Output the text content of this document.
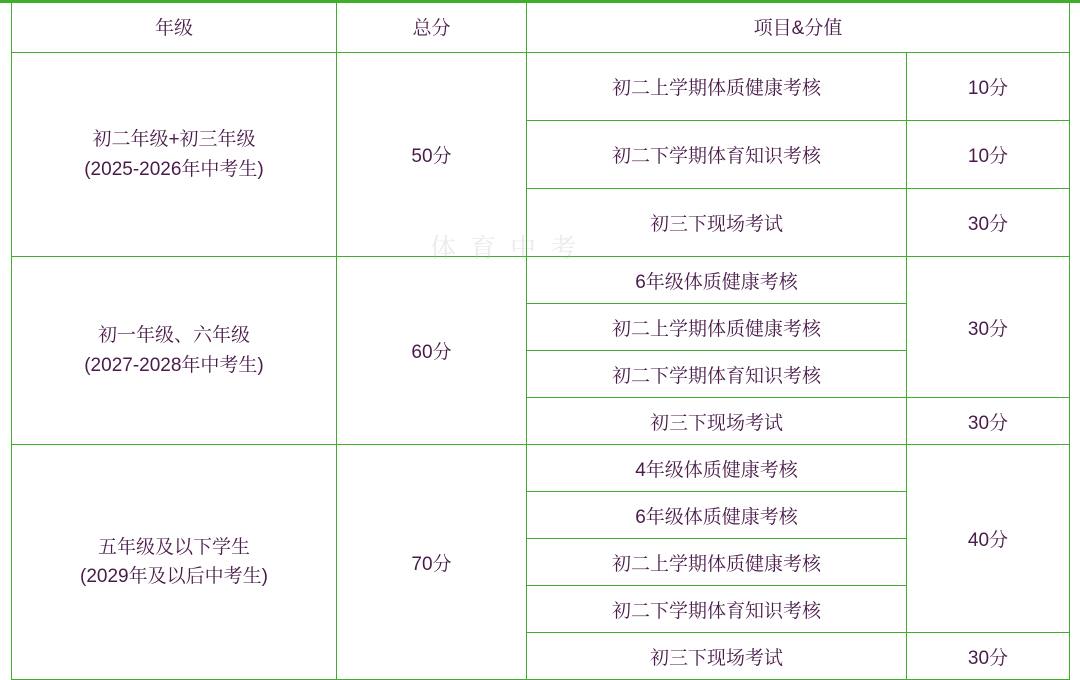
体育中考
年级	总分	项目&分值	
初二年级+初三年级
(2025-2026年中考生)	50分	初二上学期体质健康考核	10分
		初二下学期体育知识考核	10分
		初三下现场考试	30分
初一年级、六年级
(2027-2028年中考生)	60分	6年级体质健康考核	30分
		初二上学期体质健康考核	
		初二下学期体育知识考核	
		初三下现场考试	30分
五年级及以下学生
(2029年及以后中考生)	70分	4年级体质健康考核	40分
		6年级体质健康考核	
		初二上学期体质健康考核	
		初二下学期体育知识考核	
		初三下现场考试	30分
